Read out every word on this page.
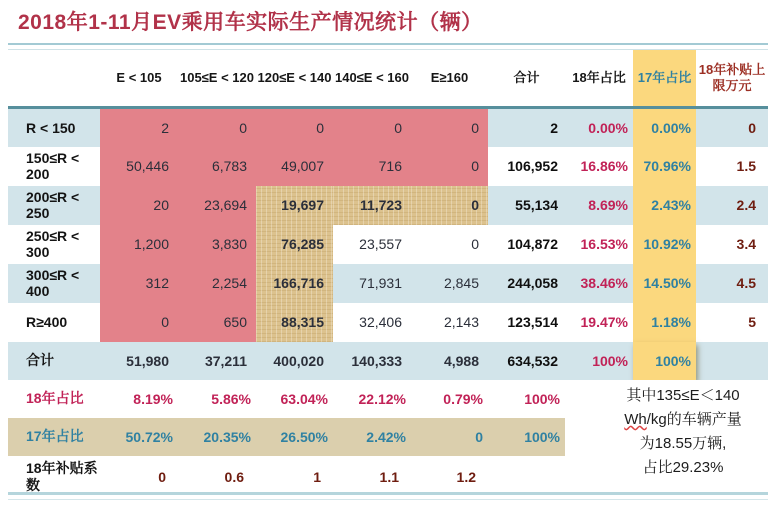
2018年1-11月EV乘用车实际生产情况统计（辆）
	E < 105	105≤E < 120	120≤E < 140	140≤E < 160	E≥160	合计	18年占比	17年占比	18年补贴上限万元
R < 150	2	0	0	0	0	2	0.00%	0.00%	0
150≤R < 200	50,446	6,783	49,007	716	0	106,952	16.86%	70.96%	1.5
200≤R < 250	20	23,694	19,697	11,723	0	55,134	8.69%	2.43%	2.4
250≤R < 300	1,200	3,830	76,285	23,557	0	104,872	16.53%	10.92%	3.4
300≤R < 400	312	2,254	166,716	71,931	2,845	244,058	38.46%	14.50%	4.5
R≥400	0	650	88,315	32,406	2,143	123,514	19.47%	1.18%	5
合计	51,980	37,211	400,020	140,333	4,988	634,532	100%	100%	
18年占比	8.19%	5.86%	63.04%	22.12%	0.79%	100%			
17年占比	50.72%	20.35%	26.50%	2.42%	0	100%			
18年补贴系数	0	0.6	1	1.1	1.2				
其中135≤E＜140
Wh/kg的车辆产量
为18.55万辆,
占比29.23%
